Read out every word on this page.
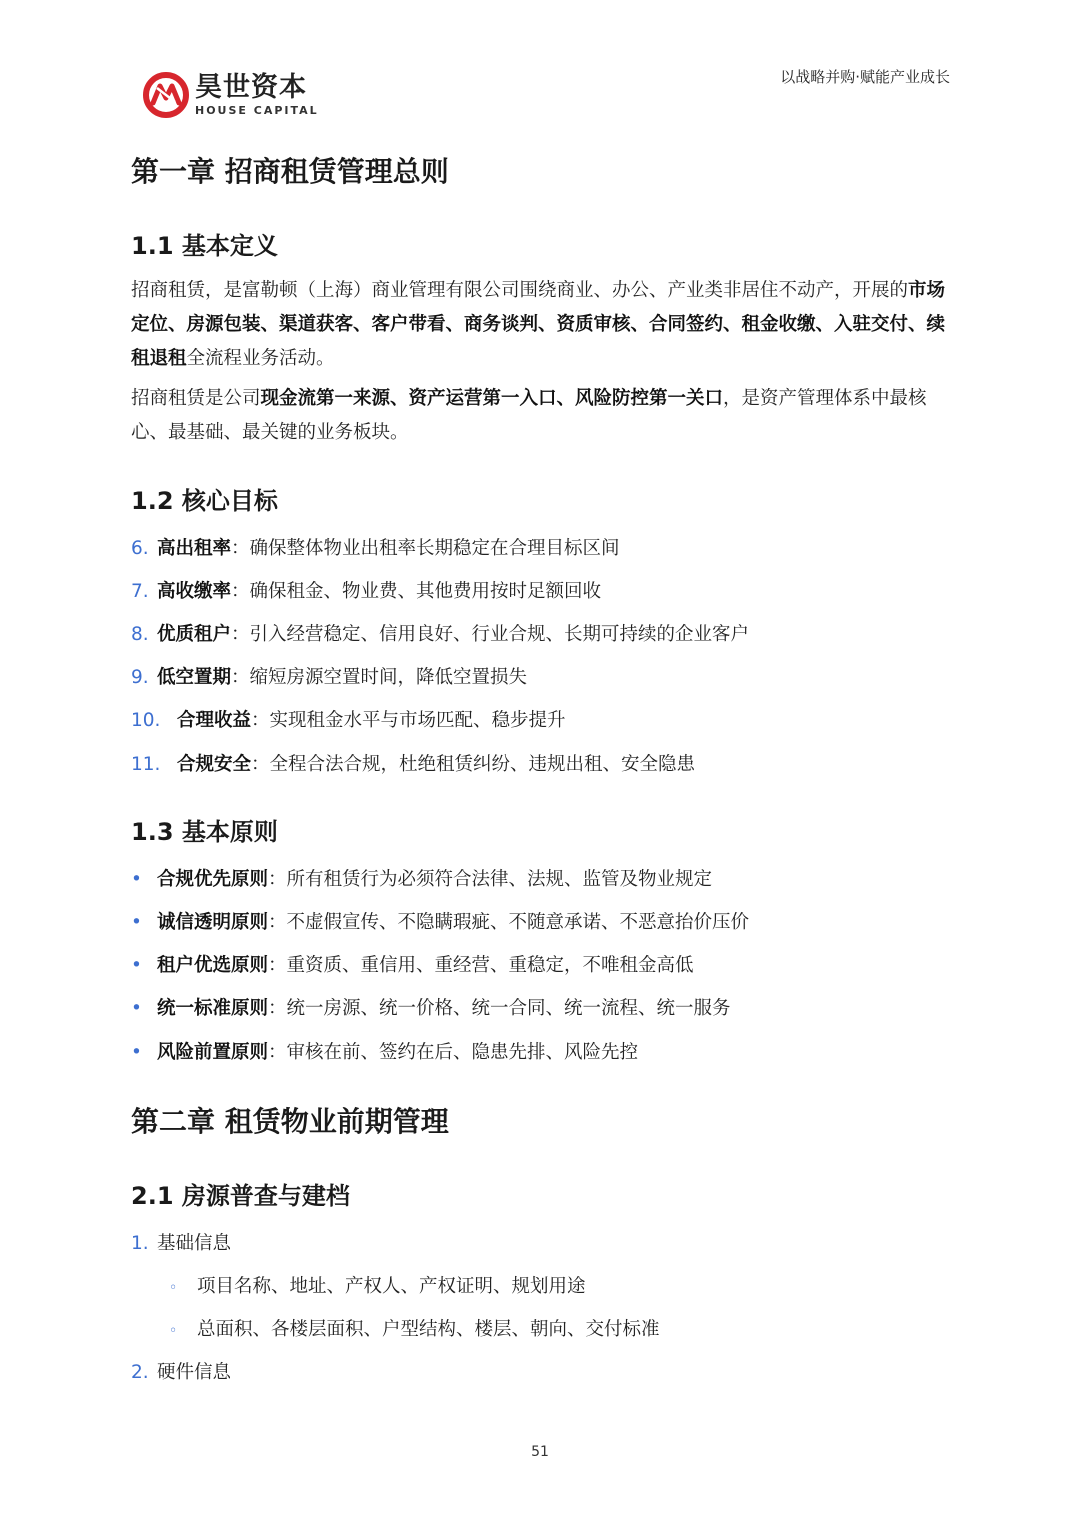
昊世资本
HOUSE CAPITAL
以战略并购·赋能产业成长
第一章 招商租赁管理总则
1.1 基本定义
招商租赁，是富勒顿（上海）商业管理有限公司围绕商业、办公、产业类非居住不动产，开展的市场定位、房源包装、渠道获客、客户带看、商务谈判、资质审核、合同签约、租金收缴、入驻交付、续租退租全流程业务活动。
招商租赁是公司现金流第一来源、资产运营第一入口、风险防控第一关口，是资产管理体系中最核心、最基础、最关键的业务板块。
1.2 核心目标
6. 高出租率 ：确保整体物业出租率长期稳定在合理目标区间
7. 高收缴率 ：确保租金、物业费、其他费用按时足额回收
8. 优质租户 ：引入经营稳定、信用良好、行业合规、长期可持续的企业客户
9. 低空置期 ：缩短房源空置时间，降低空置损失
10. 合理收益 ：实现租金水平与市场匹配、稳步提升
11. 合规安全 ：全程合法合规，杜绝租赁纠纷、违规出租、安全隐患
1.3 基本原则
• 合规优先原则 ：所有租赁行为必须符合法律、法规、监管及物业规定
• 诚信透明原则 ：不虚假宣传、不隐瞒瑕疵、不随意承诺、不恶意抬价压价
• 租户优选原则 ：重资质、重信用、重经营、重稳定，不唯租金高低
• 统一标准原则 ：统一房源、统一价格、统一合同、统一流程、统一服务
• 风险前置原则 ：审核在前、签约在后、隐患先排、风险先控
第二章 租赁物业前期管理
2.1 房源普查与建档
1. 基础信息
◦	项目名称、地址、产权人、产权证明、规划用途
◦	总面积、各楼层面积、户型结构、楼层、朝向、交付标准
2. 硬件信息
51
